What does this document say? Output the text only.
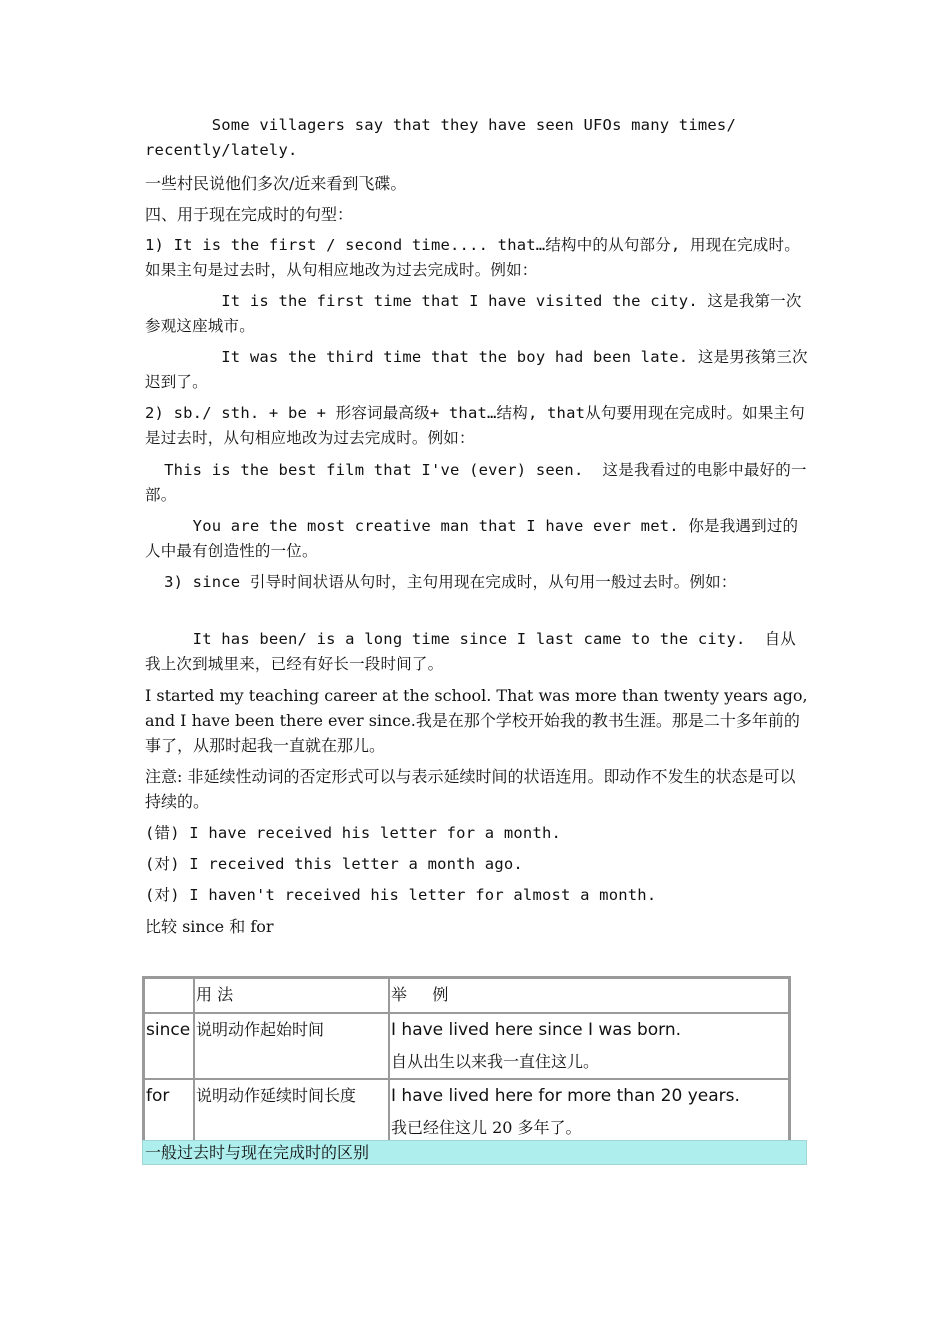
Some villagers say that they have seen UFOs many times/ recently/lately.

一些村民说他们多次/近来看到飞碟。

四、用于现在完成时的句型：

1) It is the first / second time.... that…结构中的从句部分, 用现在完成时。如果主句是过去时，从句相应地改为过去完成时。例如：

It is the first time that I have visited the city. 这是我第一次参观这座城市。

It was the third time that the boy had been late. 这是男孩第三次迟到了。

2) sb./ sth. + be + 形容词最高级+ that…结构, that从句要用现在完成时。如果主句是过去时，从句相应地改为过去完成时。例如：

This is the best film that I've (ever) seen.  这是我看过的电影中最好的一部。

You are the most creative man that I have ever met. 你是我遇到过的人中最有创造性的一位。

3) since 引导时间状语从句时，主句用现在完成时，从句用一般过去时。例如：

It has been/ is a long time since I last came to the city.  自从我上次到城里来，已经有好长一段时间了。

I started my teaching career at the school. That was more than twenty years ago, and I have been there ever since.我是在那个学校开始我的教书生涯。那是二十多年前的事了，从那时起我一直就在那儿。

注意: 非延续性动词的否定形式可以与表示延续时间的状语连用。即动作不发生的状态是可以持续的。

(错) I have received his letter for a month.

(对) I received this letter a month ago.

(对) I haven't received his letter for almost a month.

比较 since 和 for

	用 法	举     例
since	说明动作起始时间	I have lived here since I was born.
自从出生以来我一直住这儿。

for	说明动作延续时间长度	I have lived here for more than 20 years.
我已经住这儿 20 多年了。
一般过去时与现在完成时的区别
